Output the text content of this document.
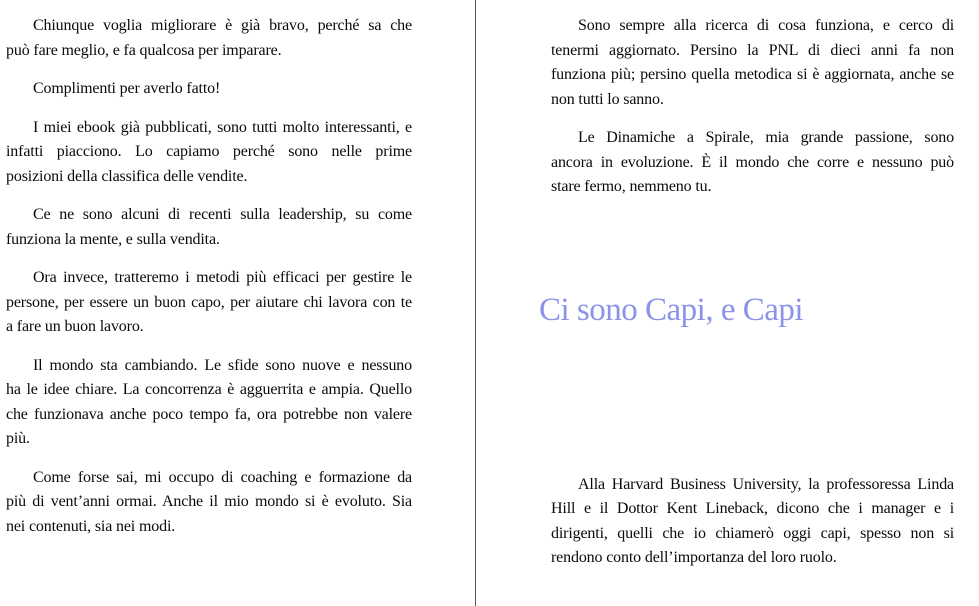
Chiunque voglia migliorare è già bravo, perché sa che
può fare meglio, e fa qualcosa per imparare.
Complimenti per averlo fatto!
I miei ebook già pubblicati, sono tutti molto interessanti, e
infatti piacciono. Lo capiamo perché sono nelle prime
posizioni della classifica delle vendite.
Ce ne sono alcuni di recenti sulla leadership, su come
funziona la mente, e sulla vendita.
Ora invece, tratteremo i metodi più efficaci per gestire le
persone, per essere un buon capo, per aiutare chi lavora con te
a fare un buon lavoro.
Il mondo sta cambiando. Le sfide sono nuove e nessuno
ha le idee chiare. La concorrenza è agguerrita e ampia. Quello
che funzionava anche poco tempo fa, ora potrebbe non valere
più.
Come forse sai, mi occupo di coaching e formazione da
più di vent’anni ormai. Anche il mio mondo si è evoluto. Sia
nei contenuti, sia nei modi.
Sono sempre alla ricerca di cosa funziona, e cerco di
tenermi aggiornato. Persino la PNL di dieci anni fa non
funziona più; persino quella metodica si è aggiornata, anche se
non tutti lo sanno.
Le Dinamiche a Spirale, mia grande passione, sono
ancora in evoluzione. È il mondo che corre e nessuno può
stare fermo, nemmeno tu.
Ci sono Capi, e Capi
Alla Harvard Business University, la professoressa Linda
Hill e il Dottor Kent Lineback, dicono che i manager e i
dirigenti, quelli che io chiamerò oggi capi, spesso non si
rendono conto dell’importanza del loro ruolo.
